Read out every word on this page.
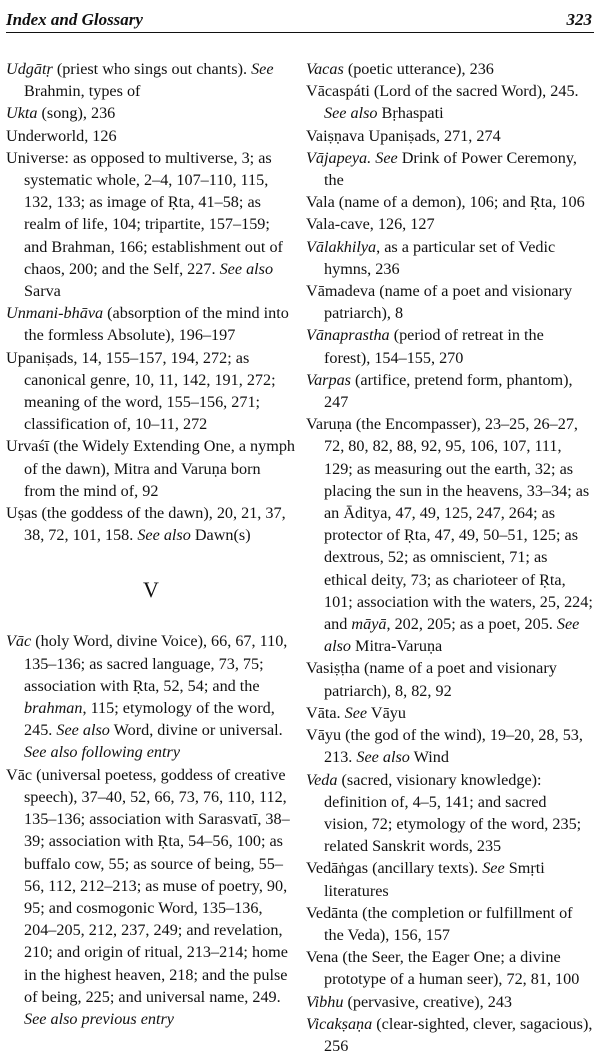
Index and Glossary	323

Udgātṛ (priest who sings out chants). See Brahmin, types of

Ukta (song), 236

Underworld, 126

Universe: as opposed to multiverse, 3; as systematic whole, 2–4, 107–110, 115, 132, 133; as image of Ṛta, 41–58; as realm of life, 104; tripartite, 157–159; and Brahman, 166; establishment out of chaos, 200; and the Self, 227. See also Sarva

Unmani-bhāva (absorption of the mind into the formless Absolute), 196–197

Upaniṣads, 14, 155–157, 194, 272; as canonical genre, 10, 11, 142, 191, 272; meaning of the word, 155–156, 271; classification of, 10–11, 272

Urvaśī (the Widely Extending One, a nymph of the dawn), Mitra and Varuṇa born from the mind of, 92

Uṣas (the goddess of the dawn), 20, 21, 37, 38, 72, 101, 158. See also Dawn(s)

V

Vāc (holy Word, divine Voice), 66, 67, 110, 135–136; as sacred language, 73, 75; association with Ṛta, 52, 54; and the brahman, 115; etymology of the word, 245. See also Word, divine or universal. See also following entry

Vāc (universal poetess, goddess of creative speech), 37–40, 52, 66, 73, 76, 110, 112, 135–136; association with Sarasvatī, 38–39; association with Ṛta, 54–56, 100; as buffalo cow, 55; as source of being, 55–56, 112, 212–213; as muse of poetry, 90, 95; and cosmogonic Word, 135–136, 204–205, 212, 237, 249; and revelation, 210; and origin of ritual, 213–214; home in the highest heaven, 218; and the pulse of being, 225; and universal name, 249. See also previous entry

Vacas (poetic utterance), 236

Vācaspáti (Lord of the sacred Word), 245. See also Bṛhaspati

Vaiṣṇava Upaniṣads, 271, 274

Vājapeya. See Drink of Power Ceremony, the

Vala (name of a demon), 106; and Ṛta, 106

Vala-cave, 126, 127

Vālakhilya, as a particular set of Vedic hymns, 236

Vāmadeva (name of a poet and visionary patriarch), 8

Vānaprastha (period of retreat in the forest), 154–155, 270

Varpas (artifice, pretend form, phantom), 247

Varuṇa (the Encompasser), 23–25, 26–27, 72, 80, 82, 88, 92, 95, 106, 107, 111, 129; as measuring out the earth, 32; as placing the sun in the heavens, 33–34; as an Āditya, 47, 49, 125, 247, 264; as protector of Ṛta, 47, 49, 50–51, 125; as dextrous, 52; as omniscient, 71; as ethical deity, 73; as charioteer of Ṛta, 101; association with the waters, 25, 224; and māyā, 202, 205; as a poet, 205. See also Mitra-Varuṇa

Vasiṣṭha (name of a poet and visionary patriarch), 8, 82, 92

Vāta. See Vāyu

Vāyu (the god of the wind), 19–20, 28, 53, 213. See also Wind

Veda (sacred, visionary knowledge): definition of, 4–5, 141; and sacred vision, 72; etymology of the word, 235; related Sanskrit words, 235

Vedāṅgas (ancillary texts). See Smṛti literatures

Vedānta (the completion or fulfillment of the Veda), 156, 157

Vena (the Seer, the Eager One; a divine prototype of a human seer), 72, 81, 100

Vibhu (pervasive, creative), 243

Vicakṣaṇa (clear-sighted, clever, sagacious), 256
